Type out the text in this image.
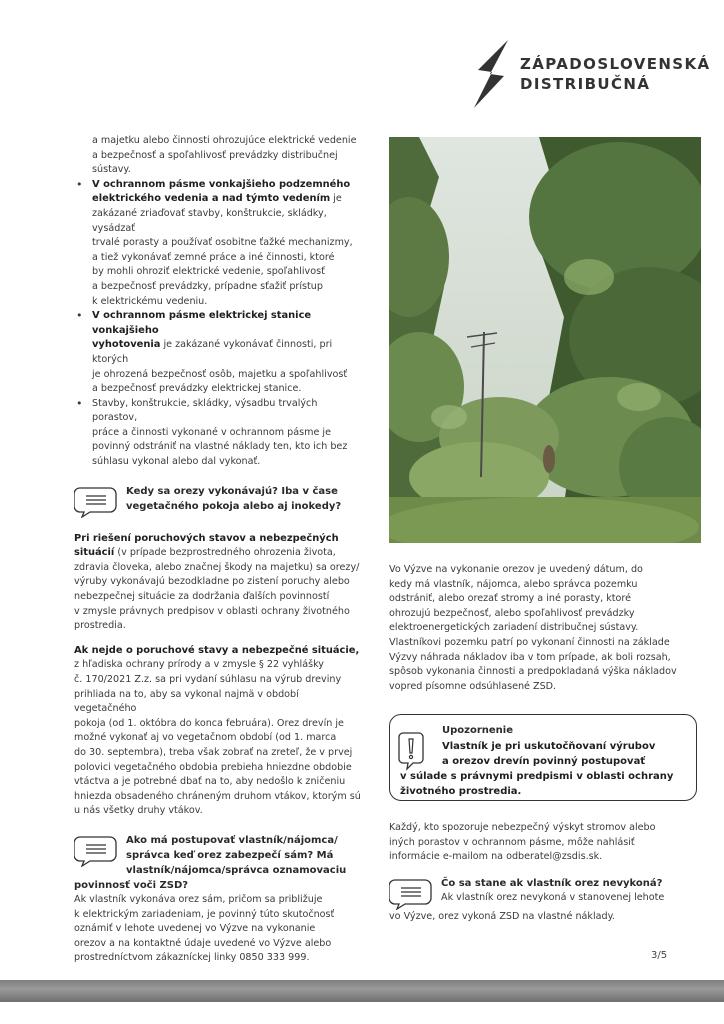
ZÁPADOSLOVENSKÁ
DISTRIBUČNÁ
a majetku alebo činnosti ohrozujúce elektrické vedenie
a bezpečnosť a spoľahlivosť prevádzky distribučnej
sústavy.
• V ochrannom pásme vonkajšieho podzemného
elektrického vedenia a nad týmto vedením je
zakázané zriaďovať stavby, konštrukcie, skládky, vysádzať
trvalé porasty a používať osobitne ťažké mechanizmy,
a tiež vykonávať zemné práce a iné činnosti, ktoré
by mohli ohroziť elektrické vedenie, spoľahlivosť
a bezpečnosť prevádzky, prípadne sťažiť prístup
k elektrickému vedeniu.
• V ochrannom pásme elektrickej stanice vonkajšieho
vyhotovenia je zakázané vykonávať činnosti, pri ktorých
je ohrozená bezpečnosť osôb, majetku a spoľahlivosť
a bezpečnosť prevádzky elektrickej stanice.
• Stavby, konštrukcie, skládky, výsadbu trvalých porastov,
práce a činnosti vykonané v ochrannom pásme je
povinný odstrániť na vlastné náklady ten, kto ich bez
súhlasu vykonal alebo dal vykonať.
Kedy sa orezy vykonávajú? Iba v čase
vegetačného pokoja alebo aj inokedy?
Pri riešení poruchových stavov a nebezpečných
situácií (v prípade bezprostredného ohrozenia života,
zdravia človeka, alebo značnej škody na majetku) sa orezy/
výruby vykonávajú bezodkladne po zistení poruchy alebo
nebezpečnej situácie za dodržania ďalších povinností
v zmysle právnych predpisov v oblasti ochrany životného
prostredia.
Ak nejde o poruchové stavy a nebezpečné situácie,
z hľadiska ochrany prírody a v zmysle § 22 vyhlášky
č. 170/2021 Z.z. sa pri vydaní súhlasu na výrub dreviny
prihliada na to, aby sa vykonal najmä v období vegetačného
pokoja (od 1. októbra do konca februára). Orez drevín je
možné vykonať aj vo vegetačnom období (od 1. marca
do 30. septembra), treba však zobrať na zreteľ, že v prvej
polovici vegetačného obdobia prebieha hniezdne obdobie
vtáctva a je potrebné dbať na to, aby nedošlo k zničeniu
hniezda obsadeného chráneným druhom vtákov, ktorým sú
u nás všetky druhy vtákov.
Ako má postupovať vlastník/nájomca/
správca keď orez zabezpečí sám? Má
vlastník/nájomca/správca oznamovaciu
povinnosť voči ZSD?
Ak vlastník vykonáva orez sám, pričom sa približuje
k elektrickým zariadeniam, je povinný túto skutočnosť
oznámiť v lehote uvedenej vo Výzve na vykonanie
orezov a na kontaktné údaje uvedené vo Výzve alebo
prostredníctvom zákazníckej linky 0850 333 999.
Vo Výzve na vykonanie orezov je uvedený dátum, do
kedy má vlastník, nájomca, alebo správca pozemku
odstrániť, alebo orezať stromy a iné porasty, ktoré
ohrozujú bezpečnosť, alebo spoľahlivosť prevádzky
elektroenergetických zariadení distribučnej sústavy.
Vlastníkovi pozemku patrí po vykonaní činnosti na základe
Výzvy náhrada nákladov iba v tom prípade, ak boli rozsah,
spôsob vykonania činnosti a predpokladaná výška nákladov
vopred písomne odsúhlasené ZSD.
Upozornenie
Vlastník je pri uskutočňovaní výrubov
a orezov drevín povinný postupovať
v súlade s právnymi predpismi v oblasti ochrany
životného prostredia.
Každý, kto spozoruje nebezpečný výskyt stromov alebo
iných porastov v ochrannom pásme, môže nahlásiť
informácie e-mailom na odberatel@zsdis.sk.
Čo sa stane ak vlastník orez nevykoná?
Ak vlastník orez nevykoná v stanovenej lehote
vo Výzve, orez vykoná ZSD na vlastné náklady.
3/5
